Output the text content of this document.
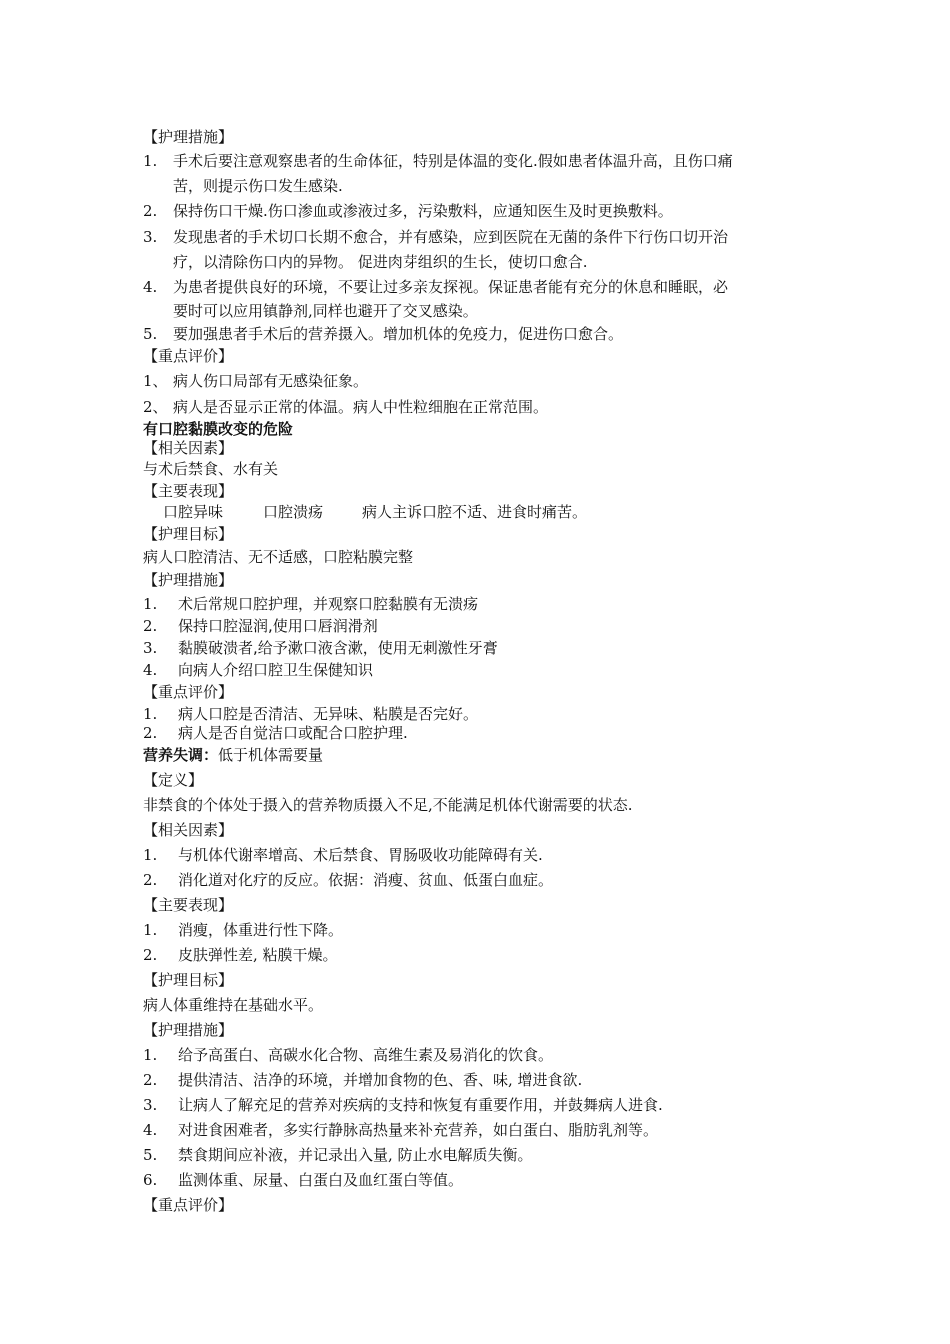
【护理措施】
1. 手术后要注意观察患者的生命体征，特别是体温的变化.假如患者体温升高，且伤口痛
苦，则提示伤口发生感染.
2. 保持伤口干燥.伤口渗血或渗液过多，污染敷料，应通知医生及时更换敷料。
3. 发现患者的手术切口长期不愈合，并有感染，应到医院在无菌的条件下行伤口切开治
疗，以清除伤口内的异物。 促进肉芽组织的生长，使切口愈合.
4. 为患者提供良好的环境，不要让过多亲友探视。保证患者能有充分的休息和睡眠，必
要时可以应用镇静剂,同样也避开了交叉感染。
5. 要加强患者手术后的营养摄入。增加机体的免疫力，促进伤口愈合。
【重点评价】
1、 病人伤口局部有无感染征象。
2、 病人是否显示正常的体温。病人中性粒细胞在正常范围。
有口腔黏膜改变的危险
【相关因素】
与术后禁食、水有关
【主要表现】
口腔异味	口腔溃疡	病人主诉口腔不适、进食时痛苦。
【护理目标】
病人口腔清洁、无不适感，口腔粘膜完整
【护理措施】
1. 术后常规口腔护理，并观察口腔黏膜有无溃疡
2. 保持口腔湿润,使用口唇润滑剂
3. 黏膜破溃者,给予漱口液含漱，使用无刺激性牙膏
4. 向病人介绍口腔卫生保健知识
【重点评价】
1. 病人口腔是否清洁、无异味、粘膜是否完好。
2. 病人是否自觉洁口或配合口腔护理.
营养失调：低于机体需要量
【定义】
非禁食的个体处于摄入的营养物质摄入不足,不能满足机体代谢需要的状态.
【相关因素】
1. 与机体代谢率增高、术后禁食、胃肠吸收功能障碍有关.
2. 消化道对化疗的反应。依据：消瘦、贫血、低蛋白血症。
【主要表现】
1. 消瘦，体重进行性下降。
2. 皮肤弹性差, 粘膜干燥。
【护理目标】
病人体重维持在基础水平。
【护理措施】
1. 给予高蛋白、高碳水化合物、高维生素及易消化的饮食。
2. 提供清洁、洁净的环境，并增加食物的色、香、味, 增进食欲.
3. 让病人了解充足的营养对疾病的支持和恢复有重要作用，并鼓舞病人进食.
4. 对进食困难者，多实行静脉高热量来补充营养，如白蛋白、脂肪乳剂等。
5. 禁食期间应补液，并记录出入量, 防止水电解质失衡。
6. 监测体重、尿量、白蛋白及血红蛋白等值。
【重点评价】
